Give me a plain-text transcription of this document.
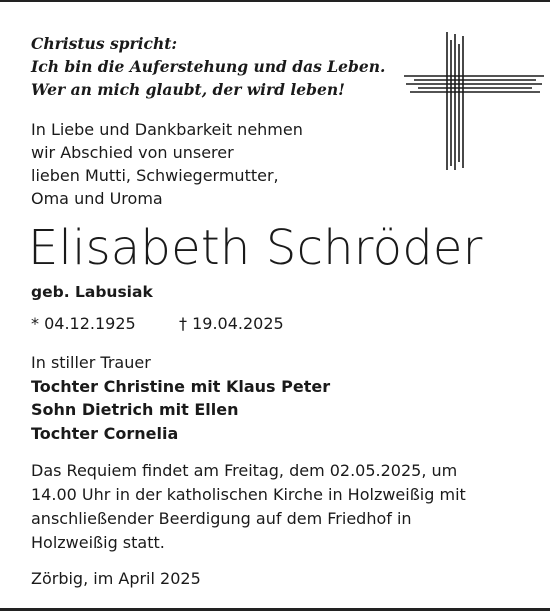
Christus spricht:
Ich bin die Auferstehung und das Leben.
Wer an mich glaubt, der wird leben!
In Liebe und Dankbarkeit nehmen
wir Abschied von unserer
lieben Mutti, Schwiegermutter,
Oma und Uroma
Elisabeth Schröder
geb. Labusiak
* 04.12.1925	† 19.04.2025
In stiller Trauer
Tochter Christine mit Klaus Peter
Sohn Dietrich mit Ellen
Tochter Cornelia
Das Requiem findet am Freitag, dem 02.05.2025, um
14.00 Uhr in der katholischen Kirche in Holzweißig mit
anschließender Beerdigung auf dem Friedhof in
Holzweißig statt.
Zörbig, im April 2025
